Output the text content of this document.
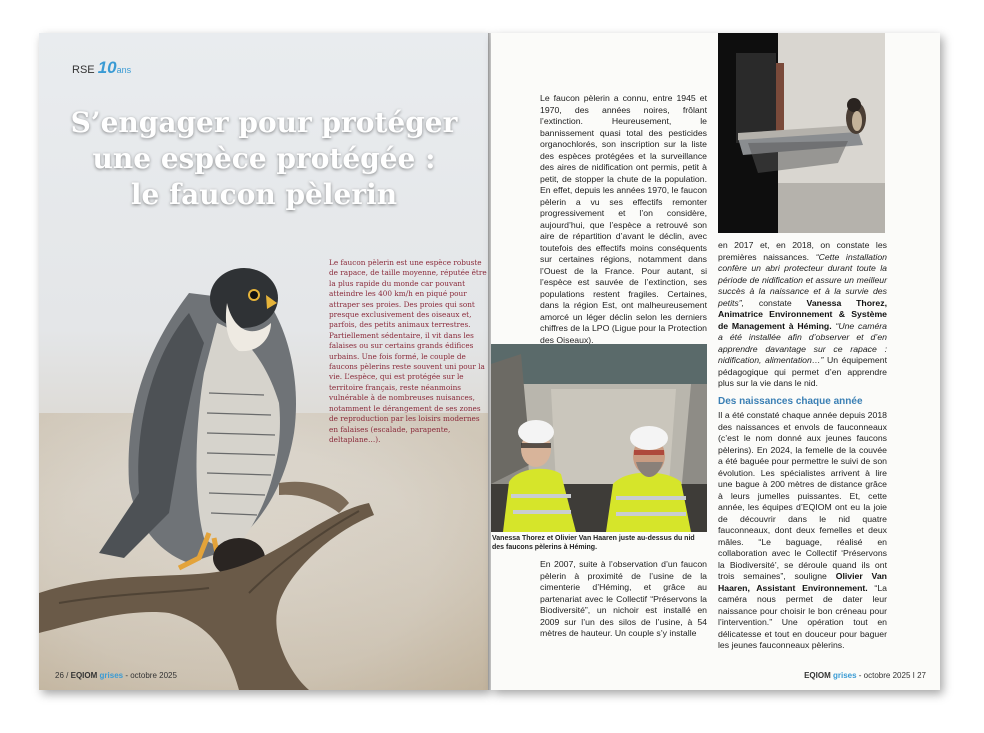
RSE 10ans
S’engager pour protéger
une espèce protégée :
le faucon pèlerin
Le faucon pèlerin est une espèce robuste de rapace, de taille moyenne, réputée être la plus rapide du monde car pouvant atteindre les 400 km/h en piqué pour attraper ses proies. Des proies qui sont presque exclusivement des oiseaux et, parfois, des petits animaux terrestres. Partiellement sédentaire, il vit dans les falaises ou sur certains grands édifices urbains. Une fois formé, le couple de faucons pèlerins reste souvent uni pour la vie. L’espèce, qui est protégée sur le territoire français, reste néanmoins vulnérable à de nombreuses nuisances, notamment le dérangement de ses zones de reproduction par les loisirs modernes en falaises (escalade, parapente, deltaplane…).
26 / EQIOM grises - octobre 2025

Le faucon pèlerin a connu, entre 1945 et 1970, des années noires, frôlant l’extinction. Heureusement, le bannissement quasi total des pesticides organochlorés, son inscription sur la liste des espèces protégées et la surveillance des aires de nidification ont permis, petit à petit, de stopper la chute de la population. En effet, depuis les années 1970, le faucon pèlerin a vu ses effectifs remonter progressivement et l’on considère, aujourd’hui, que l’espèce a retrouvé son aire de répartition d’avant le déclin, avec toutefois des effectifs moins conséquents sur certaines régions, notamment dans l’Ouest de la France. Pour autant, si l’espèce est sauvée de l’extinction, ses populations restent fragiles. Certaines, dans la région Est, ont malheureusement amorcé un léger déclin selon les derniers chiffres de la LPO (Ligue pour la Protection des Oiseaux).

Vanessa Thorez et Olivier Van Haaren juste au-dessus du nid des faucons pèlerins à Héming.

En 2007, suite à l’observation d’un faucon pèlerin à proximité de l’usine de la cimenterie d’Héming, et grâce au partenariat avec le Collectif “Préservons la Biodiversité”, un nichoir est installé en 2009 sur l’un des silos de l’usine, à 54 mètres de hauteur. Un couple s’y installe

en 2017 et, en 2018, on constate les premières naissances. “Cette installation confère un abri protecteur durant toute la période de nidification et assure un meilleur succès à la naissance et à la survie des petits”, constate Vanessa Thorez, Animatrice Environnement & Système de Management à Héming. “Une caméra a été installée afin d’observer et d’en apprendre davantage sur ce rapace : nidification, alimentation…” Un équipement pédagogique qui permet d’en apprendre plus sur la vie dans le nid.

Des naissances chaque année

Il a été constaté chaque année depuis 2018 des naissances et envols de fauconneaux (c’est le nom donné aux jeunes faucons pèlerins). En 2024, la femelle de la couvée a été baguée pour permettre le suivi de son évolution. Les spécialistes arrivent à lire une bague à 200 mètres de distance grâce à leurs jumelles puissantes. Et, cette année, les équipes d’EQIOM ont eu la joie de découvrir dans le nid quatre fauconneaux, dont deux femelles et deux mâles. “Le baguage, réalisé en collaboration avec le Collectif ‘Préservons la Biodiversité’, se déroule quand ils ont trois semaines”, souligne Olivier Van Haaren, Assistant Environnement. “La caméra nous permet de dater leur naissance pour choisir le bon créneau pour l’intervention.” Une opération tout en délicatesse et tout en douceur pour baguer les jeunes fauconneaux pèlerins.

EQIOM grises - octobre 2025 I 27
